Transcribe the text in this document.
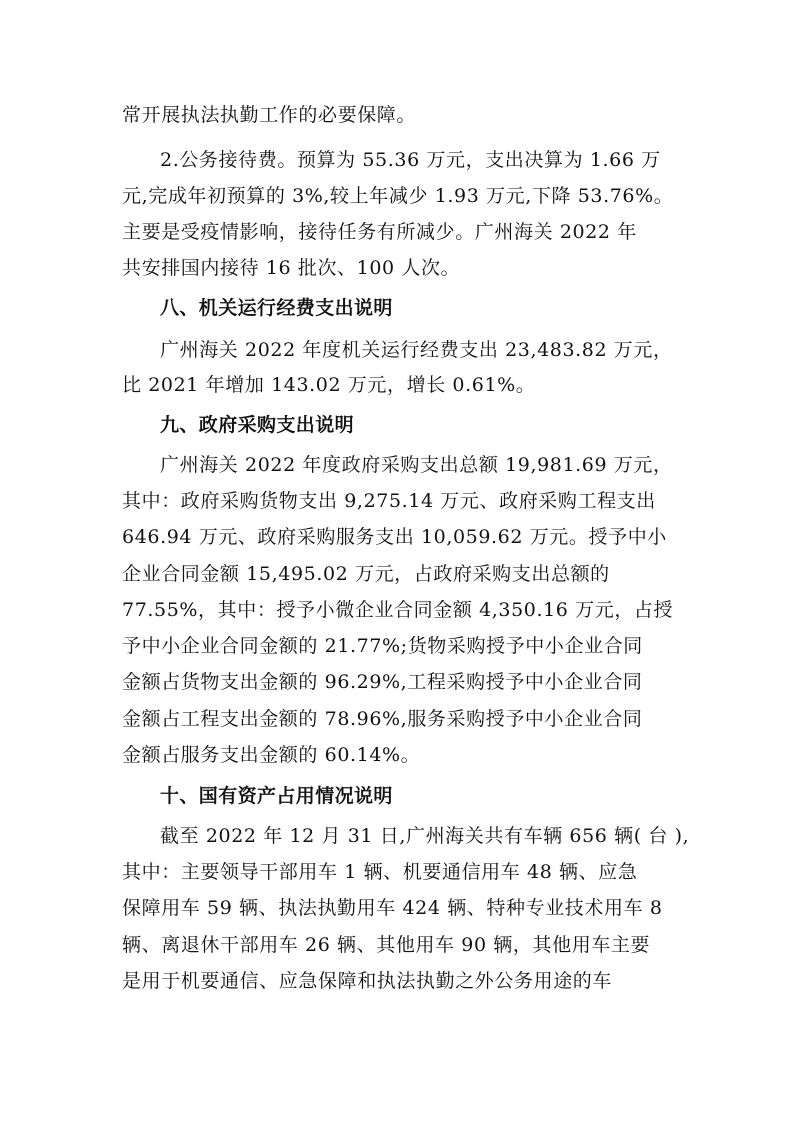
常开展执法执勤工作的必要保障。
2.公务接待费。预算为 55.36 万元，支出决算为 1.66 万
元,完成年初预算的 3%,较上年减少 1.93 万元,下降 53.76%。
主要是受疫情影响，接待任务有所减少。广州海关 2022 年
共安排国内接待 16 批次、100 人次。
八、机关运行经费支出说明
广州海关 2022 年度机关运行经费支出 23,483.82 万元，
比 2021 年增加 143.02 万元，增长 0.61%。
九、政府采购支出说明
广州海关 2022 年度政府采购支出总额 19,981.69 万元，
其中：政府采购货物支出 9,275.14 万元、政府采购工程支出
646.94 万元、政府采购服务支出 10,059.62 万元。授予中小
企业合同金额 15,495.02 万元，占政府采购支出总额的
77.55%，其中：授予小微企业合同金额 4,350.16 万元，占授
予中小企业合同金额的 21.77%;货物采购授予中小企业合同
金额占货物支出金额的 96.29%,工程采购授予中小企业合同
金额占工程支出金额的 78.96%,服务采购授予中小企业合同
金额占服务支出金额的 60.14%。
十、国有资产占用情况说明
截至 2022 年 12 月 31 日,广州海关共有车辆 656 辆( 台 ),
其中：主要领导干部用车 1 辆、机要通信用车 48 辆、应急
保障用车 59 辆、执法执勤用车 424 辆、特种专业技术用车 8
辆、离退休干部用车 26 辆、其他用车 90 辆，其他用车主要
是用于机要通信、应急保障和执法执勤之外公务用途的车
